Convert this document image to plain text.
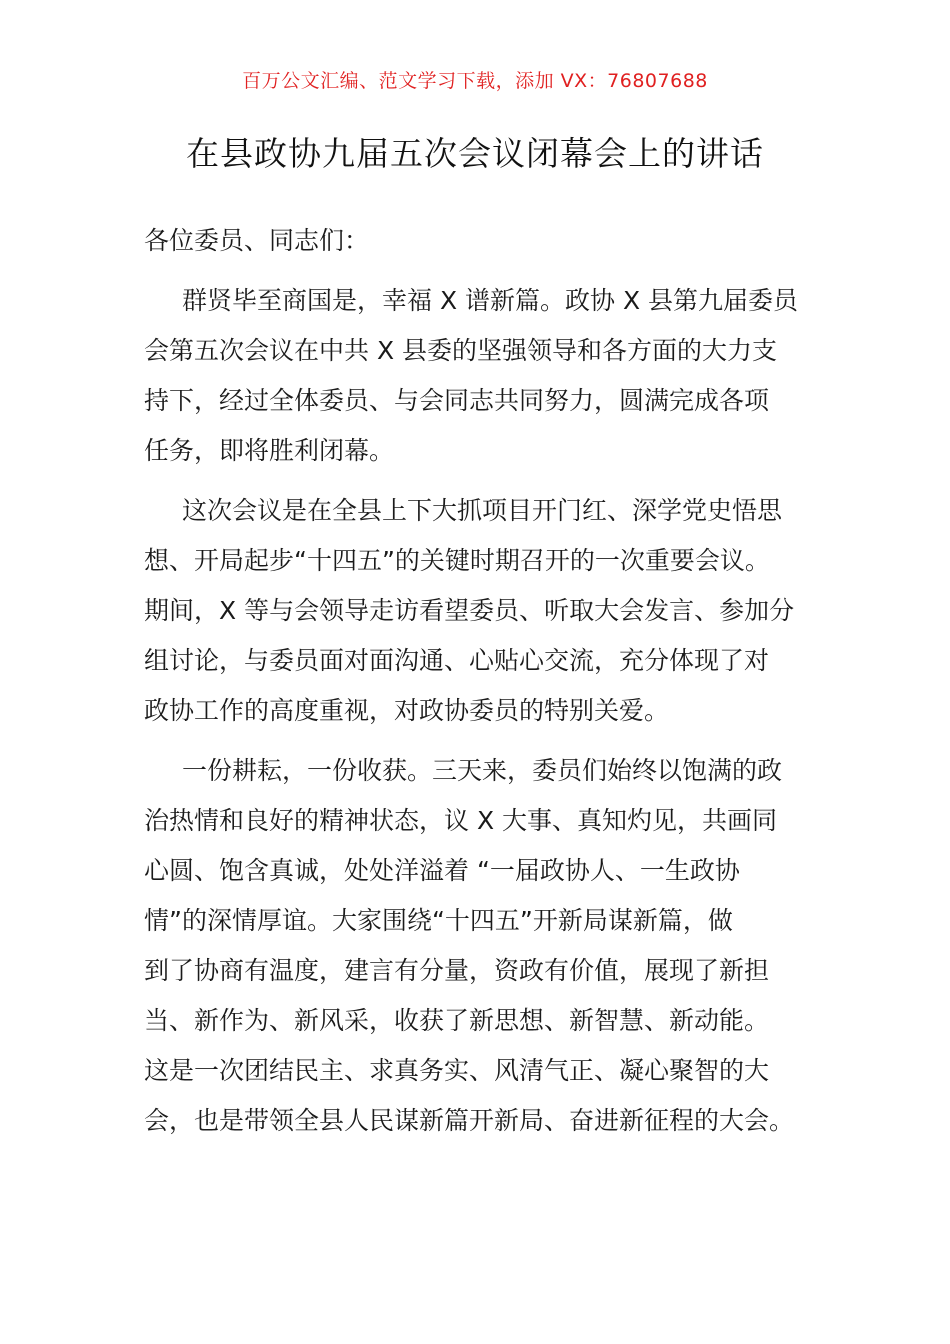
百万公文汇编、范文学习下载，添加 VX：76807688
在县政协九届五次会议闭幕会上的讲话
各位委员、同志们：
群贤毕至商国是，幸福 X 谱新篇。政协 X 县第九届委员
会第五次会议在中共 X 县委的坚强领导和各方面的大力支
持下，经过全体委员、与会同志共同努力，圆满完成各项
任务，即将胜利闭幕。
这次会议是在全县上下大抓项目开门红、深学党史悟思
想、开局起步“十四五”的关键时期召开的一次重要会议。
期间，X 等与会领导走访看望委员、听取大会发言、参加分
组讨论，与委员面对面沟通、心贴心交流，充分体现了对
政协工作的高度重视，对政协委员的特别关爱。
一份耕耘，一份收获。三天来，委员们始终以饱满的政
治热情和良好的精神状态，议 X 大事、真知灼见，共画同
心圆、饱含真诚，处处洋溢着 “一届政协人、一生政协
情”的深情厚谊。大家围绕“十四五”开新局谋新篇，做
到了协商有温度，建言有分量，资政有价值，展现了新担
当、新作为、新风采，收获了新思想、新智慧、新动能。
这是一次团结民主、求真务实、风清气正、凝心聚智的大
会，也是带领全县人民谋新篇开新局、奋进新征程的大会。
